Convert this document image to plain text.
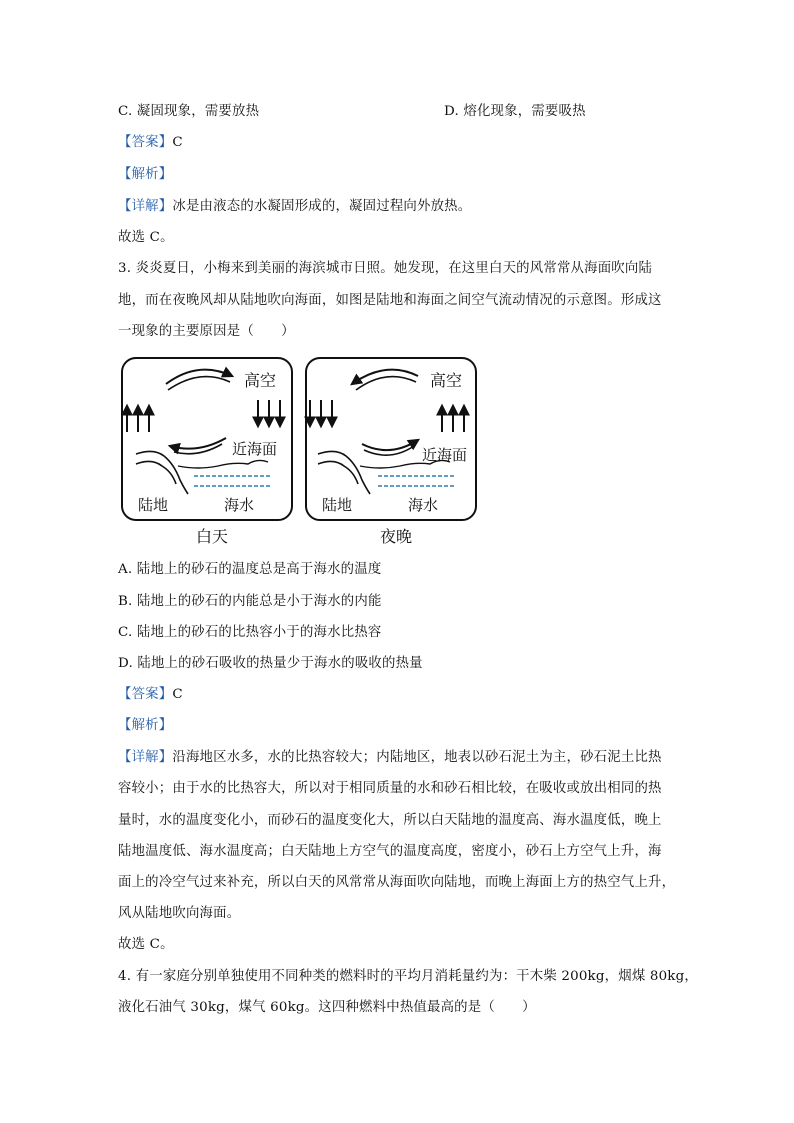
C. 凝固现象，需要放热	D. 熔化现象，需要吸热
【答案】C
【解析】
【详解】冰是由液态的水凝固形成的，凝固过程向外放热。
故选 C。
3. 炎炎夏日，小梅来到美丽的海滨城市日照。她发现，在这里白天的风常常从海面吹向陆
地，而在夜晚风却从陆地吹向海面，如图是陆地和海面之间空气流动情况的示意图。形成这
一现象的主要原因是（　　）
高空
近海面
陆地	海水
白天
高空
近海面
陆地	海水
夜晚
A. 陆地上的砂石的温度总是高于海水的温度
B. 陆地上的砂石的内能总是小于海水的内能
C. 陆地上的砂石的比热容小于的海水比热容
D. 陆地上的砂石吸收的热量少于海水的吸收的热量
【答案】C
【解析】
【详解】沿海地区水多，水的比热容较大；内陆地区，地表以砂石泥土为主，砂石泥土比热
容较小；由于水的比热容大，所以对于相同质量的水和砂石相比较，在吸收或放出相同的热
量时，水的温度变化小，而砂石的温度变化大，所以白天陆地的温度高、海水温度低，晚上
陆地温度低、海水温度高；白天陆地上方空气的温度高度，密度小，砂石上方空气上升，海
面上的冷空气过来补充，所以白天的风常常从海面吹向陆地，而晚上海面上方的热空气上升，
风从陆地吹向海面。
故选 C。
4. 有一家庭分别单独使用不同种类的燃料时的平均月消耗量约为：干木柴 200kg，烟煤 80kg，
液化石油气 30kg，煤气 60kg。这四种燃料中热值最高的是（　　）
